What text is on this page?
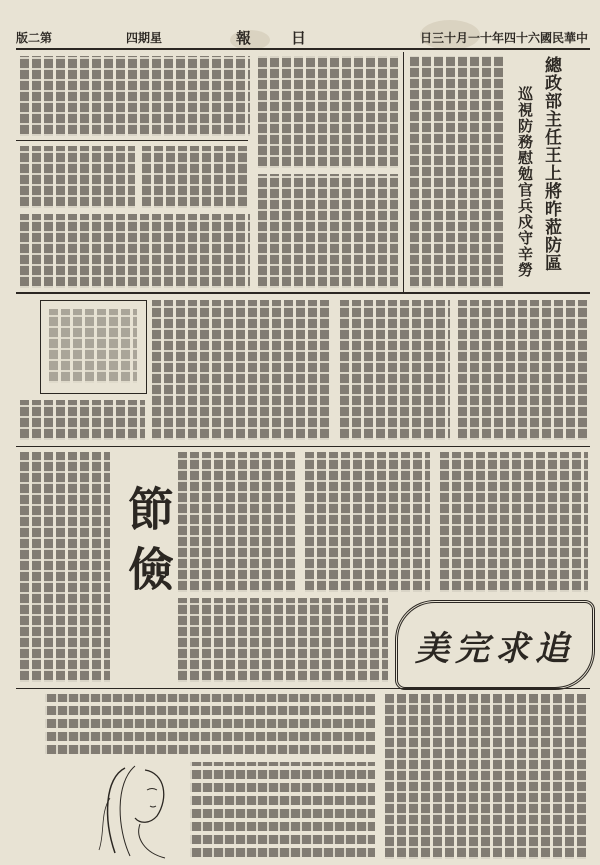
第二版	星期四	日報	中華民國六十四年十一月十三日
總政部主任王上將昨蒞防區
巡視防務慰勉官兵戍守辛勞
節儉
追求完美
